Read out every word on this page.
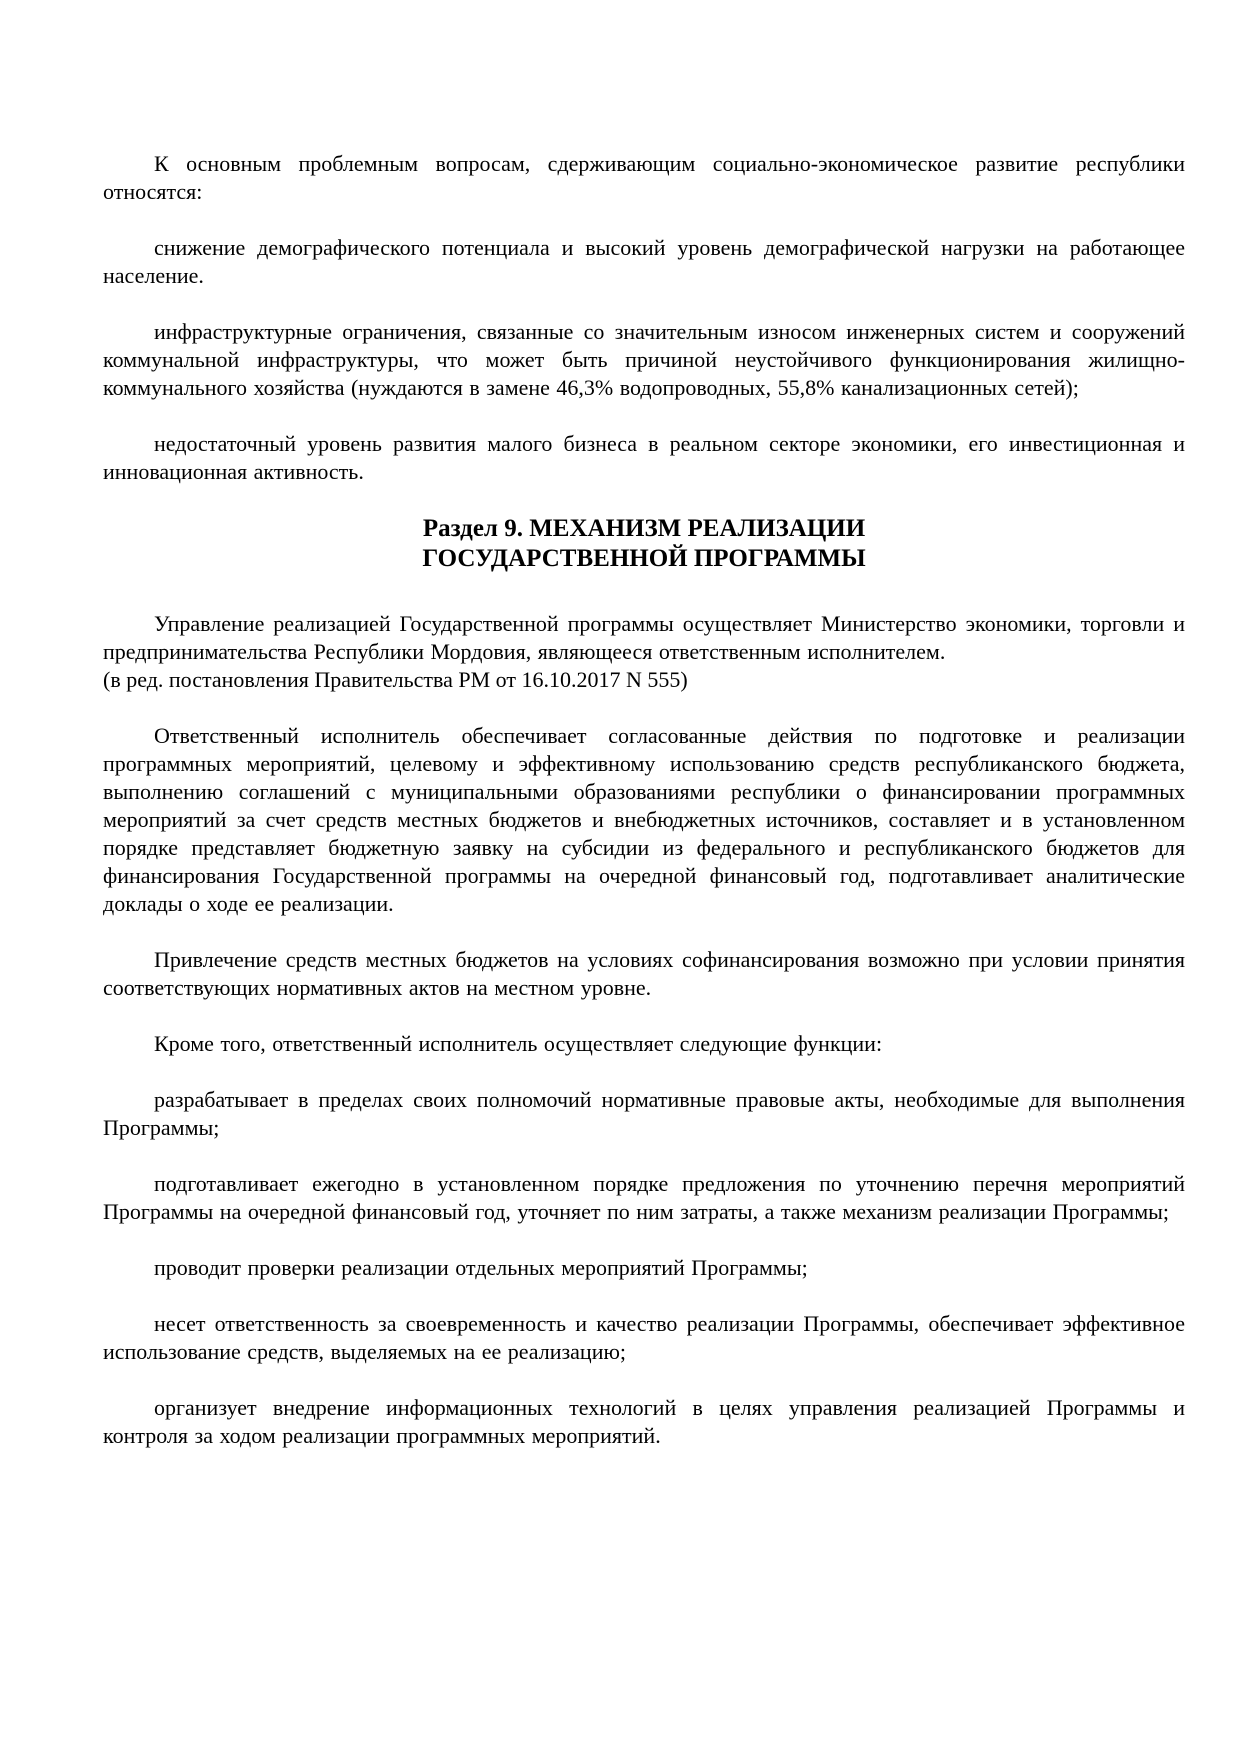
К основным проблемным вопросам, сдерживающим социально-экономическое развитие республики относятся:
снижение демографического потенциала и высокий уровень демографической нагрузки на работающее население.
инфраструктурные ограничения, связанные со значительным износом инженерных систем и сооружений коммунальной инфраструктуры, что может быть причиной неустойчивого функционирования жилищно-коммунального хозяйства (нуждаются в замене 46,3% водопроводных, 55,8% канализационных сетей);
недостаточный уровень развития малого бизнеса в реальном секторе экономики, его инвестиционная и инновационная активность.
Раздел 9. МЕХАНИЗМ РЕАЛИЗАЦИИ
ГОСУДАРСТВЕННОЙ ПРОГРАММЫ
Управление реализацией Государственной программы осуществляет Министерство экономики, торговли и предпринимательства Республики Мордовия, являющееся ответственным исполнителем.
(в ред. постановления Правительства РМ от 16.10.2017 N 555)
Ответственный исполнитель обеспечивает согласованные действия по подготовке и реализации программных мероприятий, целевому и эффективному использованию средств республиканского бюджета, выполнению соглашений с муниципальными образованиями республики о финансировании программных мероприятий за счет средств местных бюджетов и внебюджетных источников, составляет и в установленном порядке представляет бюджетную заявку на субсидии из федерального и республиканского бюджетов для финансирования Государственной программы на очередной финансовый год, подготавливает аналитические доклады о ходе ее реализации.
Привлечение средств местных бюджетов на условиях софинансирования возможно при условии принятия соответствующих нормативных актов на местном уровне.
Кроме того, ответственный исполнитель осуществляет следующие функции:
разрабатывает в пределах своих полномочий нормативные правовые акты, необходимые для выполнения Программы;
подготавливает ежегодно в установленном порядке предложения по уточнению перечня мероприятий Программы на очередной финансовый год, уточняет по ним затраты, а также механизм реализации Программы;
проводит проверки реализации отдельных мероприятий Программы;
несет ответственность за своевременность и качество реализации Программы, обеспечивает эффективное использование средств, выделяемых на ее реализацию;
организует внедрение информационных технологий в целях управления реализацией Программы и контроля за ходом реализации программных мероприятий.
